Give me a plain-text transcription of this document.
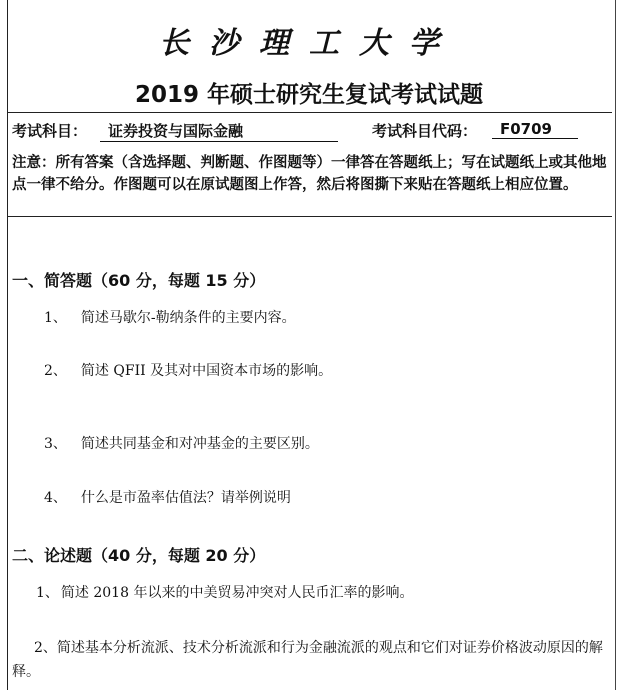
长沙理工大学
2019 年硕士研究生复试考试试题
考试科目：	证券投资与国际金融	考试科目代码：	F0709
注意：所有答案（含选择题、判断题、作图题等）一律答在答题纸上；写在试题纸上或其他地点一律不给分。作图题可以在原试题图上作答，然后将图撕下来贴在答题纸上相应位置。
一、简答题（60 分，每题 15 分）
1、 简述马歇尔-勒纳条件的主要内容。
2、 简述 QFII 及其对中国资本市场的影响。
3、 简述共同基金和对冲基金的主要区别。
4、 什么是市盈率估值法？请举例说明
二、论述题（40 分，每题 20 分）
1、 简述 2018 年以来的中美贸易冲突对人民币汇率的影响。
2、简述基本分析流派、技术分析流派和行为金融流派的观点和它们对证券价格波动原因的解释。
